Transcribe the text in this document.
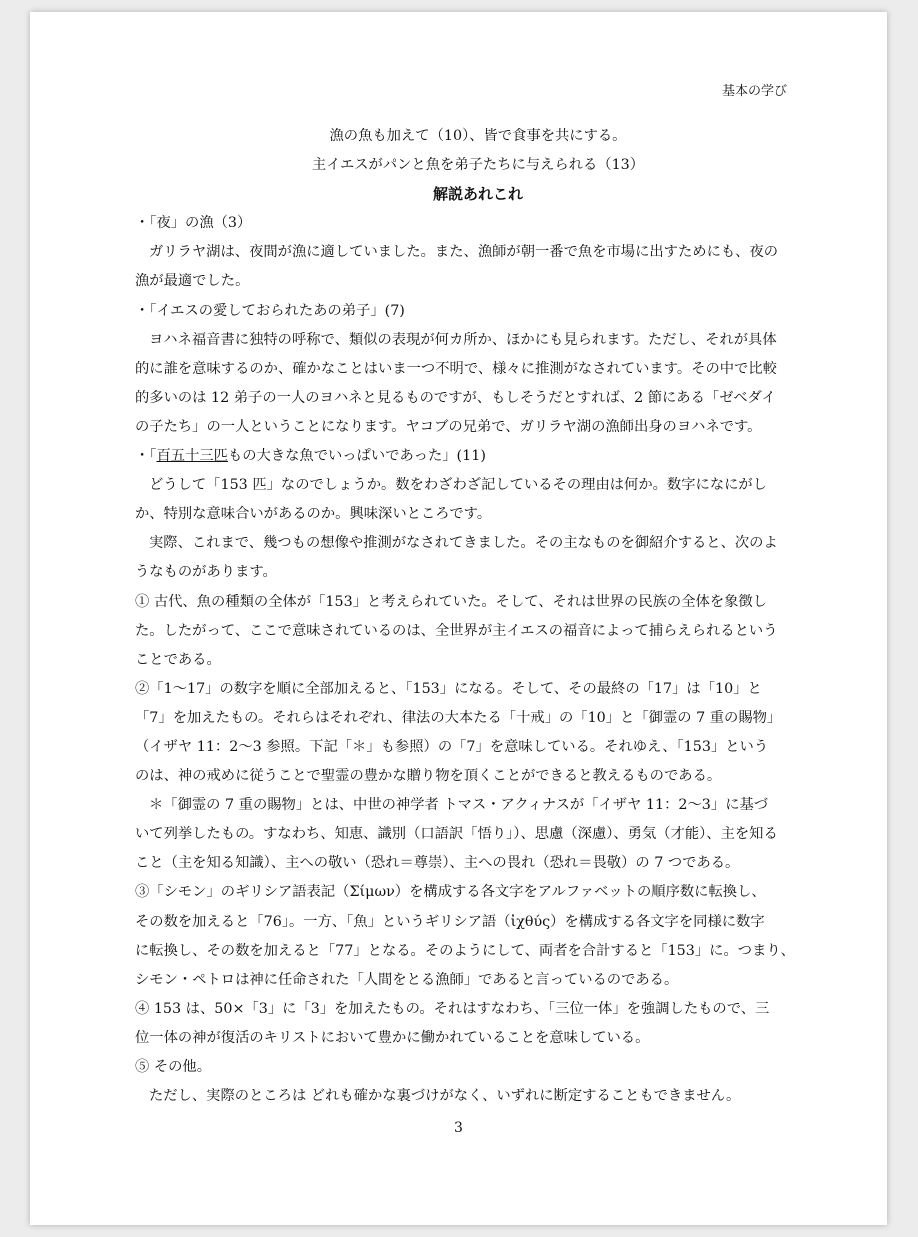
基本の学び
漁の魚も加えて（10）、皆で食事を共にする。
主イエスがパンと魚を弟子たちに与えられる（13）
解説あれこれ
・「夜」の漁（3）
ガリラヤ湖は、夜間が漁に適していました。また、漁師が朝一番で魚を市場に出すためにも、夜の
漁が最適でした。
・「イエスの愛しておられたあの弟子」(7)
ヨハネ福音書に独特の呼称で、類似の表現が何カ所か、ほかにも見られます。ただし、それが具体
的に誰を意味するのか、確かなことはいま一つ不明で、様々に推測がなされています。その中で比較
的多いのは 12 弟子の一人のヨハネと見るものですが、もしそうだとすれば、2 節にある「ゼベダイ
の子たち」の一人ということになります。ヤコブの兄弟で、ガリラヤ湖の漁師出身のヨハネです。
・「百五十三匹もの大きな魚でいっぱいであった」(11)
どうして「153 匹」なのでしょうか。数をわざわざ記しているその理由は何か。数字になにがし
か、特別な意味合いがあるのか。興味深いところです。
実際、これまで、幾つもの想像や推測がなされてきました。その主なものを御紹介すると、次のよ
うなものがあります。
① 古代、魚の種類の全体が「153」と考えられていた。そして、それは世界の民族の全体を象徴し
た。したがって、ここで意味されているのは、全世界が主イエスの福音によって捕らえられるという
ことである。
②「1〜17」の数字を順に全部加えると、「153」になる。そして、その最終の「17」は「10」と
「7」を加えたもの。それらはそれぞれ、律法の大本たる「十戒」の「10」と「御霊の 7 重の賜物」
（イザヤ 11：2〜3 参照。下記「＊」も参照）の「7」を意味している。それゆえ、「153」という
のは、神の戒めに従うことで聖霊の豊かな贈り物を頂くことができると教えるものである。
＊「御霊の 7 重の賜物」とは、中世の神学者 トマス・アクィナスが「イザヤ 11：2〜3」に基づ
いて列挙したもの。すなわち、知恵、識別（口語訳「悟り」）、思慮（深慮）、勇気（才能）、主を知る
こと（主を知る知識）、主への敬い（恐れ＝尊崇）、主への畏れ（恐れ＝畏敬）の 7 つである。
③「シモン」のギリシア語表記（Σίμων）を構成する各文字をアルファベットの順序数に転換し、
その数を加えると「76」。一方、「魚」というギリシア語（ἰχθύς）を構成する各文字を同様に数字
に転換し、その数を加えると「77」となる。そのようにして、両者を合計すると「153」に。つまり、
シモン・ペトロは神に任命された「人間をとる漁師」であると言っているのである。
④ 153 は、50×「3」に「3」を加えたもの。それはすなわち、「三位一体」を強調したもので、三
位一体の神が復活のキリストにおいて豊かに働かれていることを意味している。
⑤ その他。
ただし、実際のところは どれも確かな裏づけがなく、いずれに断定することもできません。
3
